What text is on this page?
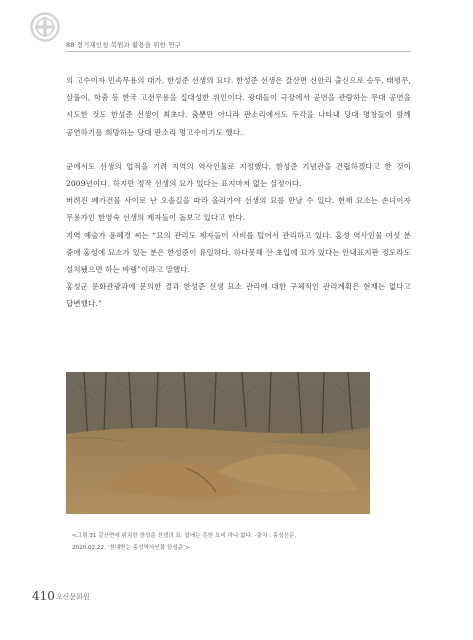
88 경기재인청 복원과 활용을 위한 연구

의 고수이자 민속무용의 대가, 한성준 선생의 묘다. 한성준 선생은 갈산면 신안리 출신으로 승무, 태평무, 살풀이, 학춤 등 한국 고전무용을 집대성한 위인이다. 광대들이 극장에서 공연을 관람하는 무대 공연을 시도한 것도 한성준 선생이 최초다. 춤뿐만 아니라 판소리에서도 두각을 나타내 당대 명창들이 함께 공연하기를 희망하는 당대 판소리 명고수이기도 했다.

군에서도 선생의 업적을 기려 지역의 역사인물로 지정했다. 한성준 기념관을 건립하겠다고 한 것이 2009년이다. 하지만 정작 선생의 묘가 있다는 표지마저 없는 실정이다.

버려진 폐가건물 사이로 난 오솔길을 따라 올라가야 선생의 묘를 만날 수 있다. 현재 묘소는 손녀이자 무용가인 한영숙 선생의 제자들이 돌보고 있다고 한다.

지역 예술가 윤혜경 씨는 “묘의 관리도 제자들이 사비를 털어서 관리하고 있다. 홍성 역사인물 여섯 분 중에 홍성에 묘소가 있는 분은 한성준이 유일하다. 하다못해 산 초입에 묘가 있다는 안내표지판 정도라도 설치됐으면 하는 바램”이라고 말했다.

홍성군 문화관광과에 문의한 결과 한성준 선생 묘소 관리에 대한 구체적인 관리계획은 현재는 없다고 답변했다.”

<그림 31 갈산면에 위치한 한성준 선생의 묘. 앞에는 흔한 묘비 하나 없다. -출처 : 홍성신문,
2020.02.22. ‘천대받는 홍성역사인물 한성준’>
410 오산문화원
